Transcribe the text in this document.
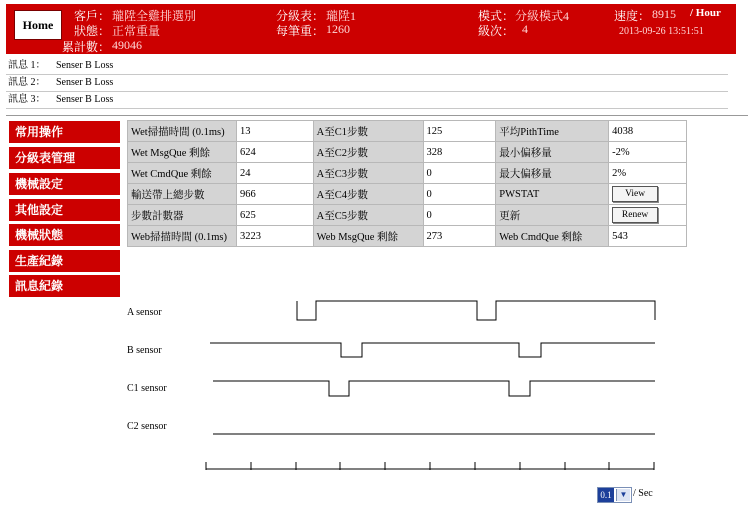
Home
客戶： 瓏陞全雞排選別
狀態： 正常重量
累計數： 49046
分級表： 瓏陞1
每筆重： 1260
模式： 分級模式4
級次： 4
速度： 8915 / Hour
2013-09-26 13:51:51
訊息 1： Senser B Loss
訊息 2： Senser B Loss
訊息 3： Senser B Loss
常用操作
分級表管理
機械設定
其他設定
機械狀態
生產紀錄
訊息紀錄
Wet掃描時間 (0.1ms)	13	A至C1步數	125	平均PithTime	4038
Wet MsgQue 剩餘	624	A至C2步數	328	最小偏移量	-2%
Wet CmdQue 剩餘	24	A至C3步數	0	最大偏移量	2%
輸送帶上總步數	966	A至C4步數	0	PWSTAT	View
步數計數器	625	A至C5步數	0	更新	Renew
Web掃描時間 (0.1ms)	3223	Web MsgQue 剩餘	273	Web CmdQue 剩餘	543
A sensor
B sensor
C1 sensor
C2 sensor
0.1 ▼ / Sec
